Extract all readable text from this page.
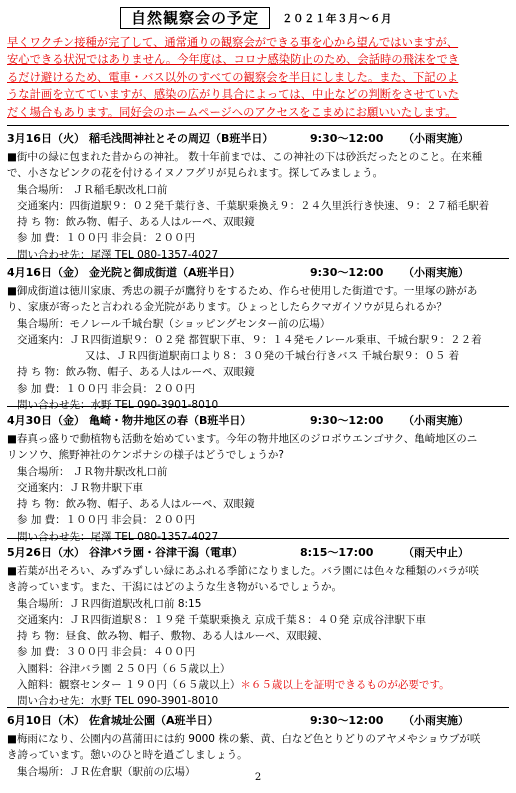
自然観察会の予定	２０２１年３月～６月
早くワクチン接種が完了して、通常通りの観察会ができる事を心から望んではいますが、
安心できる状況ではありません。今年度は、コロナ感染防止のため、会話時の飛沫をでき
るだけ避けるため、電車・バス以外のすべての観察会を半日にしました。また、下記のよ
うな計画を立てていますが、感染の広がり具合によっては、中止などの判断をさせていた
だく場合もあります。同好会のホームページへのアクセスをこまめにお願いいたします。
3月16日（火） 稲毛浅間神社とその周辺（B班半日）	9:30～12:00 （小雨実施）
■街中の緑に包まれた昔からの神社。 数十年前までは、この神社の下は砂浜だったとのこと。在来種
で、小さなピンクの花を付けるイヌノフグリが見られます。探してみましょう。
集合場所： ＪＲ稲毛駅改札口前
交通案内：四街道駅９：０２発千葉行き、千葉駅乗換え９：２４久里浜行き快速、９：２７稲毛駅着
持 ち 物：飲み物、帽子、ある人はルーペ、双眼鏡
参 加 費：１００円 非会員：２００円
問い合わせ先：尾澤 TEL 080-1357-4027
4月16日（金） 金光院と御成街道（A班半日）	9:30～12:00 （小雨実施）
■御成街道は徳川家康、秀忠の親子が鷹狩りをするため、作らせ使用した街道です。一里塚の跡があ
り、家康が寄ったと言われる金光院があります。ひょっとしたらクマガイソウが見られるか？
集合場所：モノレール千城台駅（ショッピングセンター前の広場）
交通案内：ＪＲ四街道駅９：０２発 都賀駅下車、９：１４発モノレール乗車、千城台駅９：２２着
又は、ＪＲ四街道駅南口より８：３０発の千城台行きバス 千城台駅９：０５ 着
持 ち 物：飲み物、帽子、ある人はルーペ、双眼鏡
参 加 費：１００円 非会員：２００円
問い合わせ先：水野 TEL 090-3901-8010
4月30日（金） 亀崎・物井地区の春（B班半日）	9:30～12:00 （小雨実施）
■春真っ盛りで動植物も活動を始めています。今年の物井地区のジロボウエンゴサク、亀崎地区のニ
リンソウ、熊野神社のケンポナシの様子はどうでしょうか?
集合場所： ＪＲ物井駅改札口前
交通案内：ＪＲ物井駅下車
持 ち 物：飲み物、帽子、ある人はルーペ、双眼鏡
参 加 費：１００円 非会員：２００円
問い合わせ先：尾澤 TEL 080-1357-4027
5月26日（水） 谷津バラ園・谷津干潟（電車）	8:15～17:00	（雨天中止）
■若葉が出そろい、みずみずしい緑にあふれる季節になりました。バラ園には色々な種類のバラが咲
き誇っています。また、干潟にはどのような生き物がいるでしょうか。
集合場所：ＪＲ四街道駅改札口前 8:15
交通案内：ＪＲ四街道駅８：１９発 千葉駅乗換え 京成千葉８：４０発 京成谷津駅下車
持 ち 物：昼食、飲み物、帽子、敷物、ある人はルーペ、双眼鏡、
参 加 費：３００円 非会員：４００円
入園料：谷津バラ園 ２５０円（６５歳以上）
入館料：観察センター １９０円（６５歳以上）＊６５歳以上を証明できるものが必要です。
問い合わせ先：水野 TEL 090-3901-8010
6月10日（木） 佐倉城址公園（A班半日）	9:30～12:00 （小雨実施）
■梅雨になり、公園内の菖蒲田には約 9000 株の紫、黄、白など色とりどりのアヤメやショウブが咲
き誇っています。憩いのひと時を過ごしましょう。
集合場所：ＪＲ佐倉駅（駅前の広場）	2
